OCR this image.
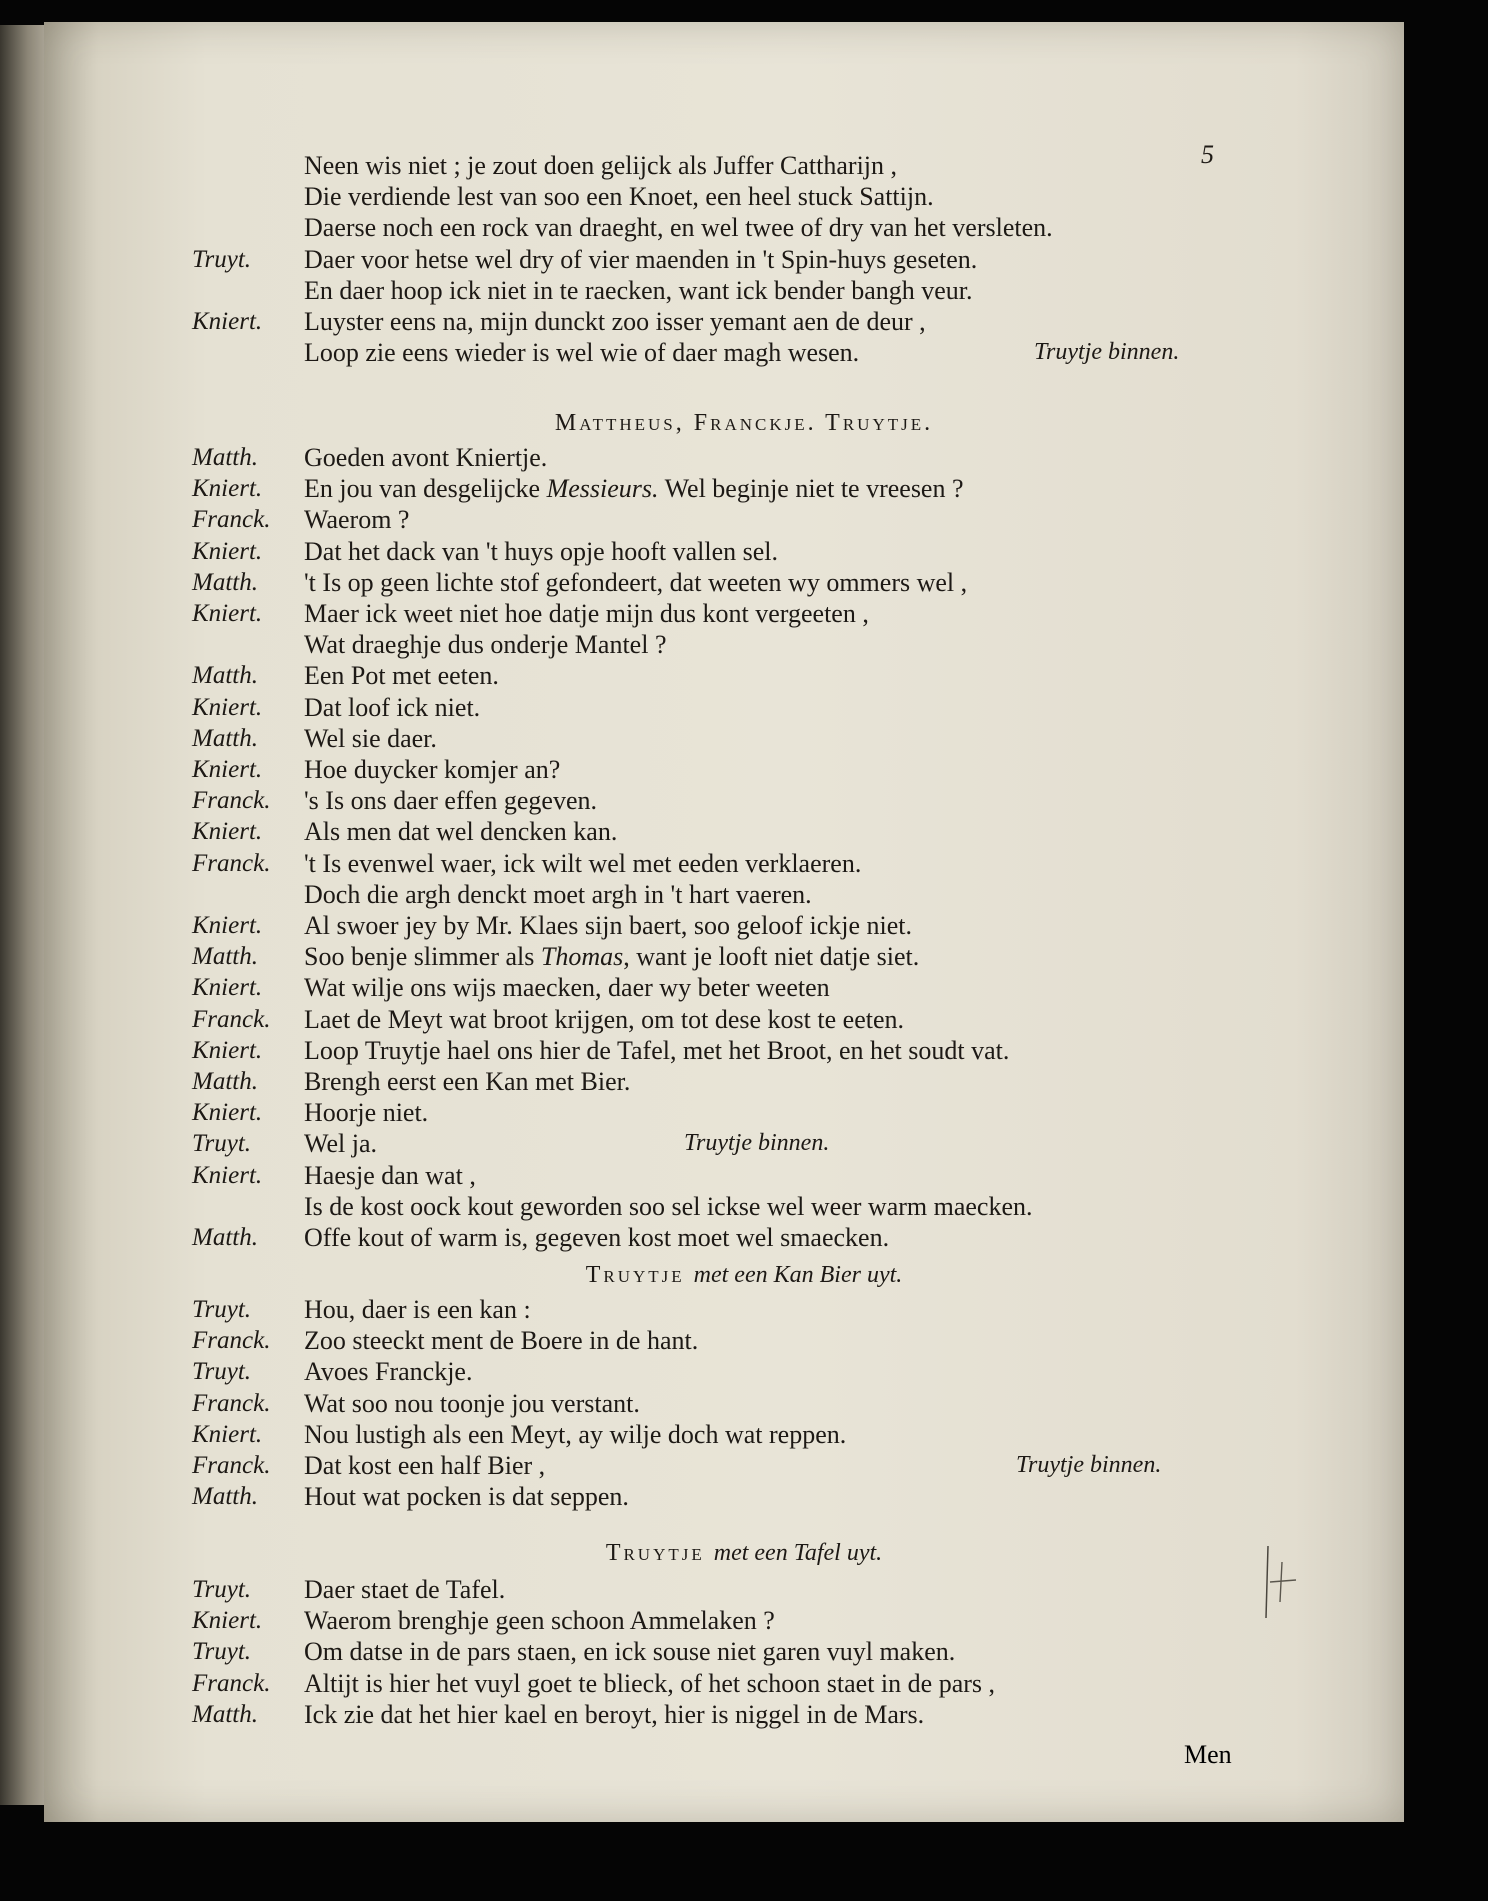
5
Neen wis niet ; je zout doen gelijck als Juffer Cattharijn ,
Die verdiende lest van soo een Knoet, een heel stuck Sattijn.
Daerse noch een rock van draeght, en wel twee of dry van het versleten.
Truyt. Daer voor hetse wel dry of vier maenden in 't Spin-huys geseten.
En daer hoop ick niet in te raecken, want ick bender bangh veur.
Kniert. Luyster eens na, mijn dunckt zoo isser yemant aen de deur ,
Loop zie eens wieder is wel wie of daer magh wesen.	Truytje binnen.
Mattheus, Franckje. Truytje.
Matth. Goeden avont Kniertje.
Kniert. En jou van desgelijcke Messieurs. Wel beginje niet te vreesen ?
Franck. Waerom ?
Kniert. Dat het dack van 't huys opje hooft vallen sel.
Matth. 't Is op geen lichte stof gefondeert, dat weeten wy ommers wel ,
Kniert. Maer ick weet niet hoe datje mijn dus kont vergeeten ,
Wat draeghje dus onderje Mantel ?
Matth. Een Pot met eeten.
Kniert. Dat loof ick niet.
Matth. Wel sie daer.
Kniert. Hoe duycker komjer an?
Franck. 's Is ons daer effen gegeven.
Kniert. Als men dat wel dencken kan.
Franck. 't Is evenwel waer, ick wilt wel met eeden verklaeren.
Doch die argh denckt moet argh in 't hart vaeren.
Kniert. Al swoer jey by Mr. Klaes sijn baert, soo geloof ickje niet.
Matth. Soo benje slimmer als Thomas, want je looft niet datje siet.
Kniert. Wat wilje ons wijs maecken, daer wy beter weeten
Franck. Laet de Meyt wat broot krijgen, om tot dese kost te eeten.
Kniert. Loop Truytje hael ons hier de Tafel, met het Broot, en het soudt vat.
Matth. Brengh eerst een Kan met Bier.
Kniert. Hoorje niet.
Truyt. Wel ja.	Truytje binnen.
Kniert. Haesje dan wat ,
Is de kost oock kout geworden soo sel ickse wel weer warm maecken.
Matth. Offe kout of warm is, gegeven kost moet wel smaecken.
Truytje met een Kan Bier uyt.
Truyt. Hou, daer is een kan :
Franck. Zoo steeckt ment de Boere in de hant.
Truyt. Avoes Franckje.
Franck. Wat soo nou toonje jou verstant.
Kniert. Nou lustigh als een Meyt, ay wilje doch wat reppen.
Franck. Dat kost een half Bier ,	Truytje binnen.
Matth. Hout wat pocken is dat seppen.
Truytje met een Tafel uyt.
Truyt. Daer staet de Tafel.
Kniert. Waerom brenghje geen schoon Ammelaken ?
Truyt. Om datse in de pars staen, en ick souse niet garen vuyl maken.
Franck. Altijt is hier het vuyl goet te blieck, of het schoon staet in de pars ,
Matth. Ick zie dat het hier kael en beroyt, hier is niggel in de Mars.
Men
